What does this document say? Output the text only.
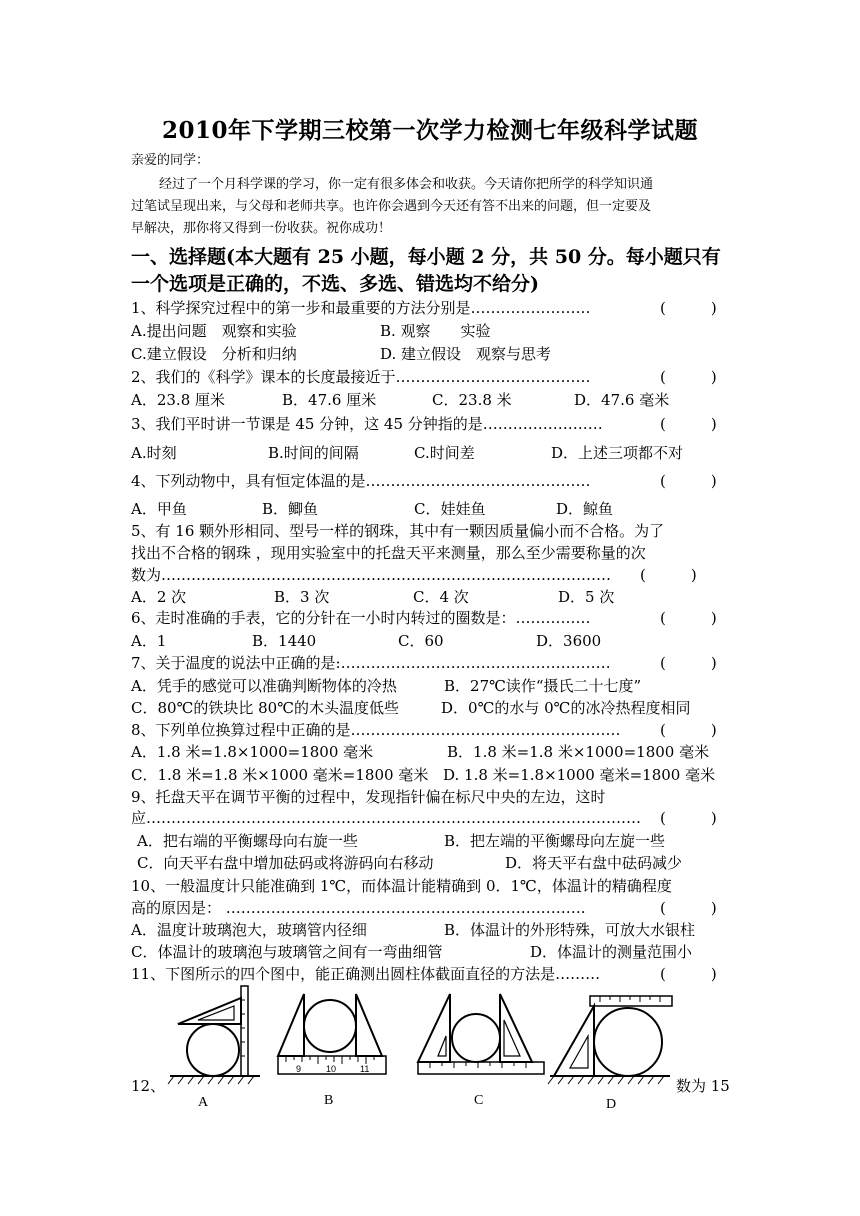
2010年下学期三校第一次学力检测七年级科学试题
亲爱的同学：
经过了一个月科学课的学习，你一定有很多体会和收获。今天请你把所学的科学知识通
过笔试呈现出来，与父母和老师共享。也许你会遇到今天还有答不出来的问题，但一定要及
早解决，那你将又得到一份收获。祝你成功！
一、选择题(本大题有 25 小题，每小题 2 分，共 50 分。每小题只有
一个选项是正确的，不选、多选、错选均不给分)
1、科学探究过程中的第一步和最重要的方法分别是……………………	(　　　)
A.提出问题　观察和实验	B. 观察　　实验
C.建立假设　分析和归纳	D. 建立假设　观察与思考
2、我们的《科学》课本的长度最接近于…………………………………	(　　　)
A．23.8 厘米	B．47.6 厘米	C．23.8 米	D．47.6 毫米
3、我们平时讲一节课是 45 分钟，这 45 分钟指的是……………………	(　　　)
A.时刻	B.时间的间隔	C.时间差	D．上述三项都不对
4、下列动物中，具有恒定体温的是………………………………………	(　　　)
A．甲鱼	B．鲫鱼	C．娃娃鱼	D．鲸鱼
5、有 16 颗外形相同、型号一样的钢珠，其中有一颗因质量偏小而不合格。为了
找出不合格的钢珠 ，现用实验室中的托盘天平来测量，那么至少需要称量的次
数为……………………………………………………………………………… (　　　)
A．2 次	B．3 次	C．4 次	D．5 次
6、走时准确的手表，它的分针在一小时内转过的圈数是：……………	(　　　)
A．1	B．1440	C．60	D．3600
7、关于温度的说法中正确的是:………………………………………………	(　　　)
A．凭手的感觉可以准确判断物体的冷热	B．27℃读作“摄氏二十七度”
C．80℃的铁块比 80℃的木头温度低些	D．0℃的水与 0℃的冰冷热程度相同
8、下列单位换算过程中正确的是………………………………………………	(　　　)
A．1.8 米=1.8×1000=1800 毫米	B．1.8 米=1.8 米×1000=1800 毫米
C．1.8 米=1.8 米×1000 毫米=1800 毫米 D. 1.8 米=1.8×1000 毫米=1800 毫米
9、托盘天平在调节平衡的过程中，发现指针偏在标尺中央的左边，这时
应……………………………………………………………………………………… (　　　)
A．把右端的平衡螺母向右旋一些	B．把左端的平衡螺母向左旋一些
C．向天平右盘中增加砝码或将游码向右移动	D．将天平右盘中砝码减少
10、一般温度计只能准确到 1℃，而体温计能精确到 0．1℃，体温计的精确程度
高的原因是： ………………………………………………………………	(　　　)
A．温度计玻璃泡大，玻璃管内径细	B．体温计的外形特殊，可放大水银柱
C．体温计的玻璃泡与玻璃管之间有一弯曲细管	D．体温计的测量范围小
11、下图所示的四个图中，能正确测出圆柱体截面直径的方法是………	(　　　)
12、	数为 15
A
9	10	11
B	C	D
